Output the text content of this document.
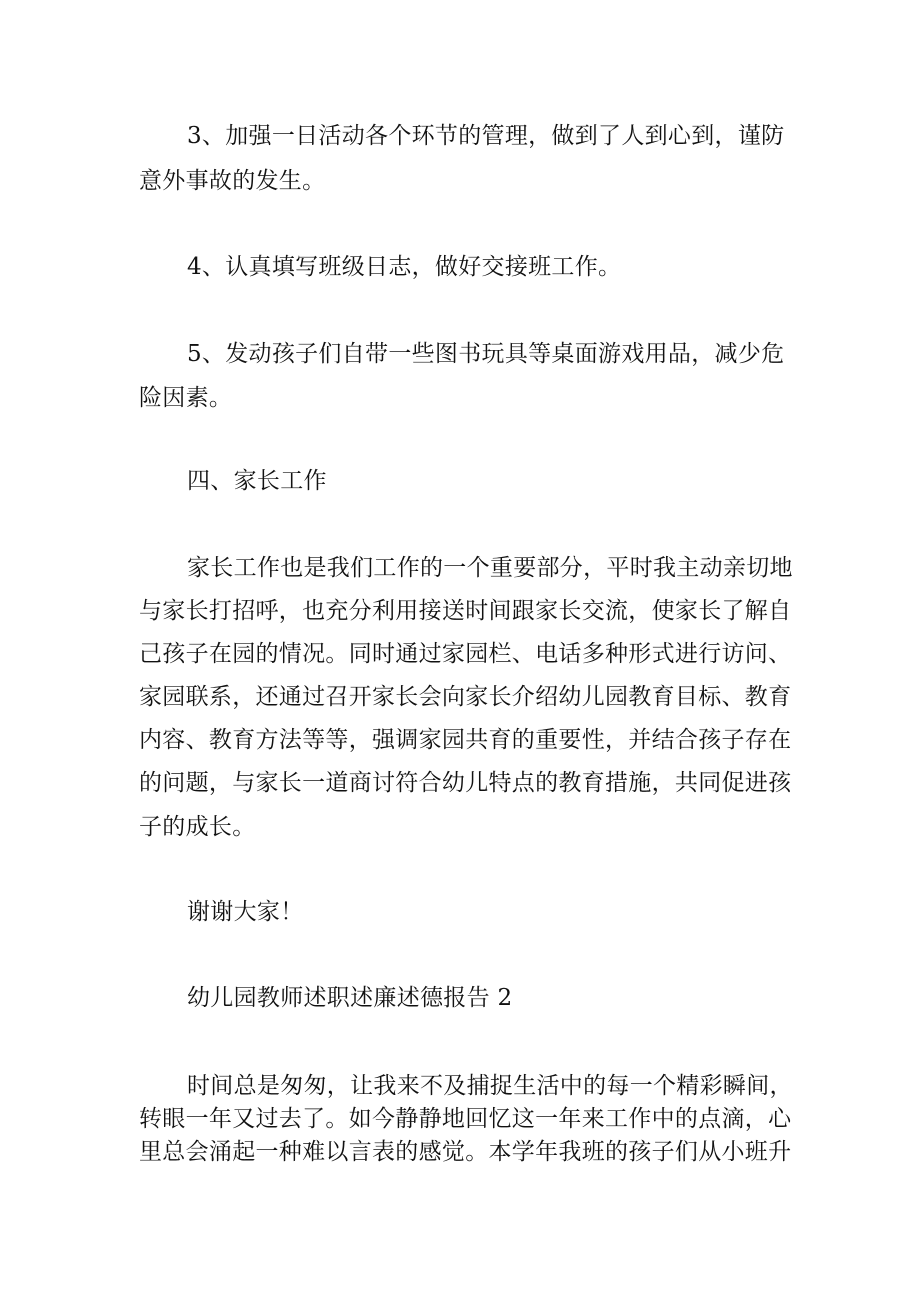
3、加强一日活动各个环节的管理，做到了人到心到，谨防
意外事故的发生。
4、认真填写班级日志，做好交接班工作。
5、发动孩子们自带一些图书玩具等桌面游戏用品，减少危
险因素。
四、家长工作
家长工作也是我们工作的一个重要部分，平时我主动亲切地
与家长打招呼，也充分利用接送时间跟家长交流，使家长了解自
己孩子在园的情况。同时通过家园栏、电话多种形式进行访问、
家园联系，还通过召开家长会向家长介绍幼儿园教育目标、教育
内容、教育方法等等，强调家园共育的重要性，并结合孩子存在
的问题，与家长一道商讨符合幼儿特点的教育措施，共同促进孩
子的成长。
谢谢大家！
幼儿园教师述职述廉述德报告 2
时间总是匆匆，让我来不及捕捉生活中的每一个精彩瞬间，
转眼一年又过去了。如今静静地回忆这一年来工作中的点滴，心
里总会涌起一种难以言表的感觉。本学年我班的孩子们从小班升
